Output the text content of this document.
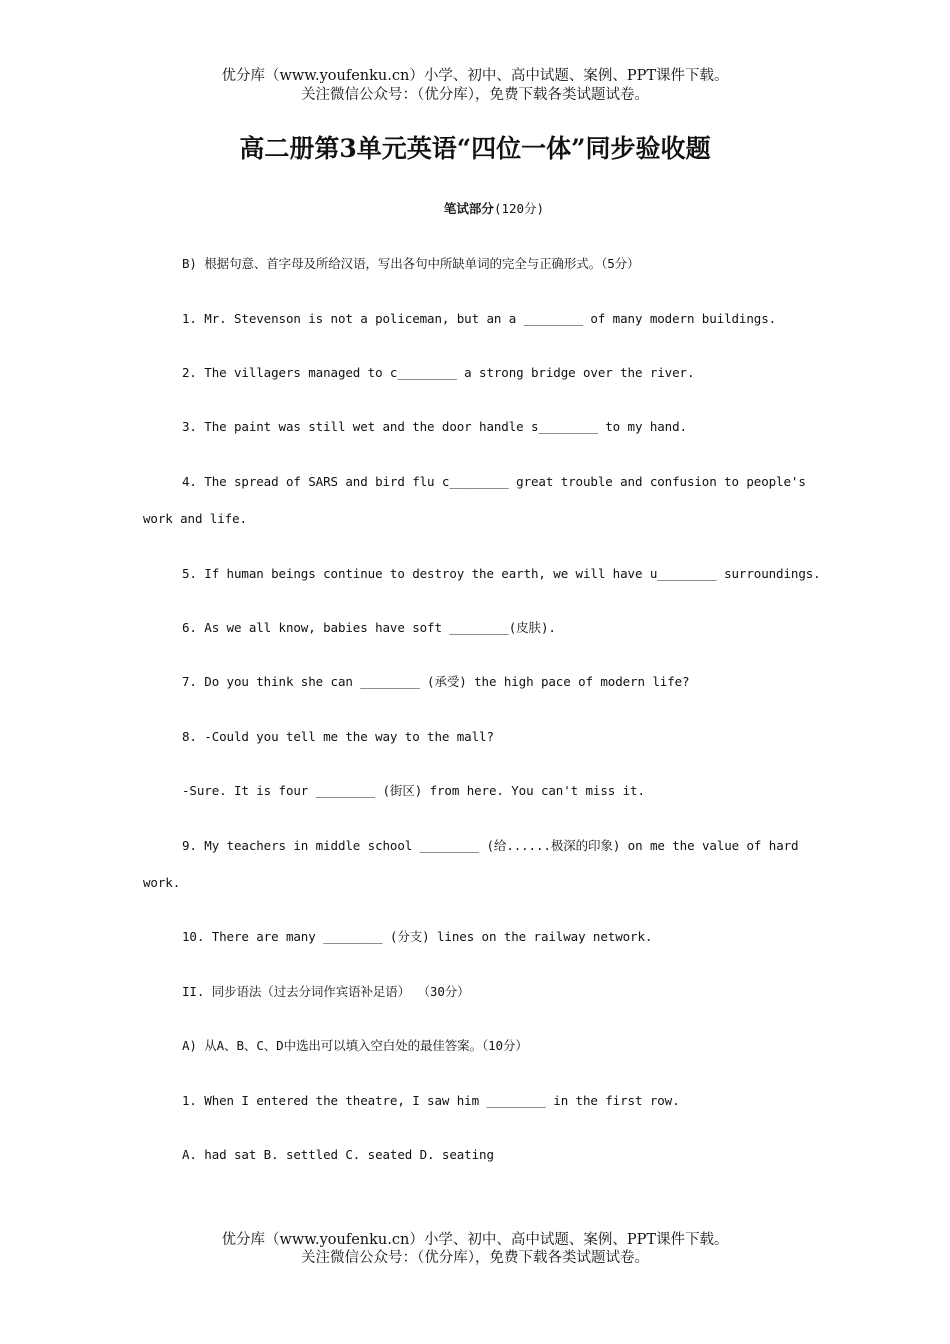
优分库（www.youfenku.cn）小学、初中、高中试题、案例、PPT课件下载。
关注微信公众号：（优分库），免费下载各类试题试卷。
高二册第3单元英语“四位一体”同步验收题
笔试部分(120分)
B) 根据句意、首字母及所给汉语，写出各句中所缺单词的完全与正确形式。（5分）
1. Mr. Stevenson is not a policeman, but an a ________ of many modern buildings.
2. The villagers managed to c________ a strong bridge over the river.
3. The paint was still wet and the door handle s________ to my hand.
4. The spread of SARS and bird flu c________ great trouble and confusion to people's
work and life.
5. If human beings continue to destroy the earth, we will have u________ surroundings.
6. As we all know, babies have soft ________(皮肤).
7. Do you think she can ________ (承受) the high pace of modern life?
8. -Could you tell me the way to the mall?
-Sure. It is four ________ (街区) from here. You can't miss it.
9. My teachers in middle school ________ (给......极深的印象) on me the value of hard
work.
10. There are many ________ (分支) lines on the railway network.
II. 同步语法（过去分词作宾语补足语） （30分）
A) 从A、B、C、D中选出可以填入空白处的最佳答案。（10分）
1. When I entered the theatre, I saw him ________ in the first row.
A. had sat B. settled C. seated D. seating
优分库（www.youfenku.cn）小学、初中、高中试题、案例、PPT课件下载。
关注微信公众号：（优分库），免费下载各类试题试卷。
